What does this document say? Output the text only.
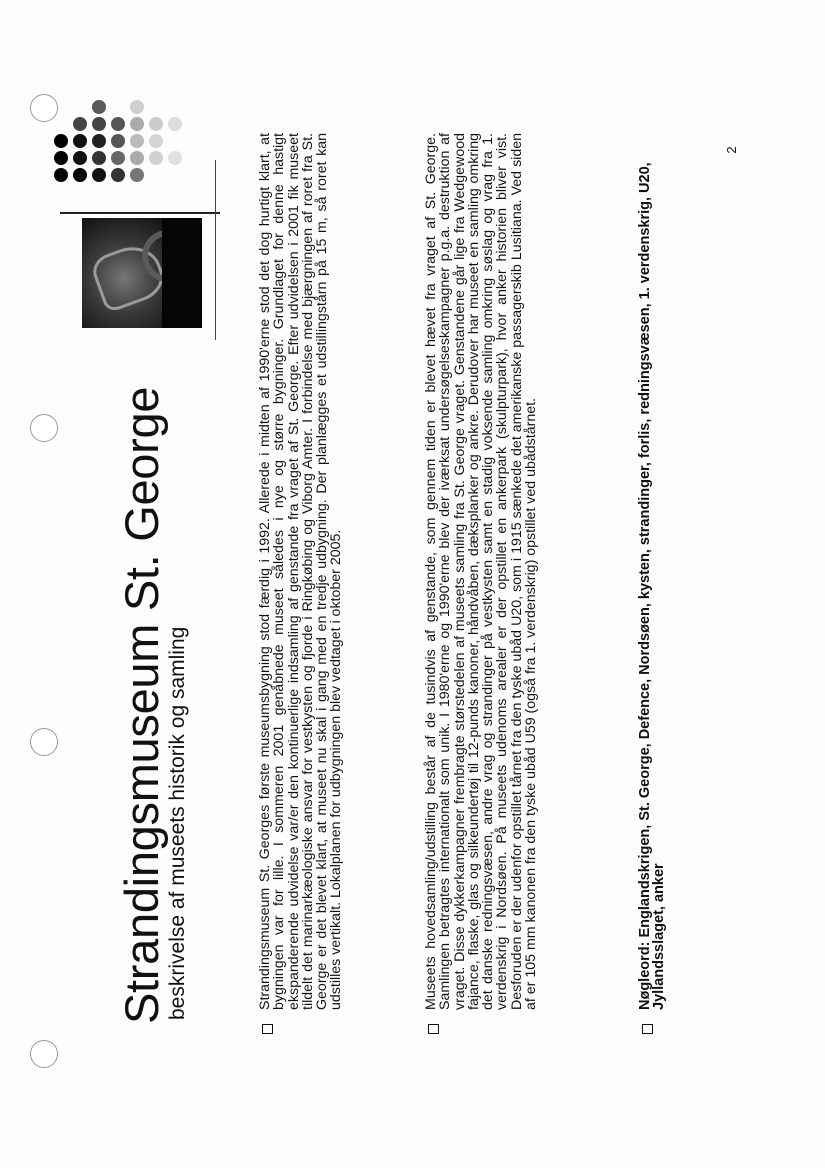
2
Strandingsmuseum St. George
beskrivelse af museets historik og samling	Strandingsmuseum St. Georges første museumsbygning stod færdig i 1992. Allerede i midten af 1990'erne stod det dog hurtigt klart, at bygningen var for lille. I sommeren 2001 genåbnede museet således i nye og større bygninger. Grundlaget for denne hastigt ekspanderende udvidelse var/er den kontinuerlige indsamling af genstande fra vraget af St. George. Efter udvidelsen i 2001 fik museet tildelt det marinarkæologiske ansvar for vestkysten og fjorde i Ringkøbing og Viborg Amter. I forbindelse med bjærgningen af roret fra St. George er det blevet klart, at museet nu skal i gang med en tredje udbygning. Der planlægges et udstillingstårn på 15 m, så roret kan udstilles vertikalt. Lokalplanen for udbygningen blev vedtaget i oktober 2005.	Museets hovedsamling/udstilling består af de tusindvis af genstande, som gennem tiden er blevet hævet fra vraget af St. George. Samlingen betragtes internationalt som unik. I 1980'erne og 1990'erne blev der iværksat undersøgelseskampagner p.g.a. destruktion af vraget. Disse dykkerkampagner frembragte størstedelen af museets samling fra St. George vraget. Genstandene går lige fra Wedgewood fajance, flaske, glas og silkeundertøj til 12-punds kanoner, håndvåben, dæksplanker og ankre. Derudover har museet en samling omkring det danske redningsvæsen, andre vrag og strandinger på vestkysten samt en stadig voksende samling omkring søslag og vrag fra 1. verdenskrig i Nordsøen. På museets udenoms arealer er der opstillet en ankerpark (skulpturpark), hvor anker historien bliver vist. Desforuden er der udenfor opstillet tårnet fra den tyske ubåd U20, som i 1915 sænkede det amerikanske passagerskib Lusitiana. Ved siden af er 105 mm kanonen fra den tyske ubåd U59 (også fra 1. verdenskrig) opstillet ved ubådstårnet.	Nøgleord: Englandskrigen, St. George, Defence, Nordsøen, kysten, strandinger, forlis, redningsvæsen, 1. verdenskrig, U20, Jyllandsslaget, anker
